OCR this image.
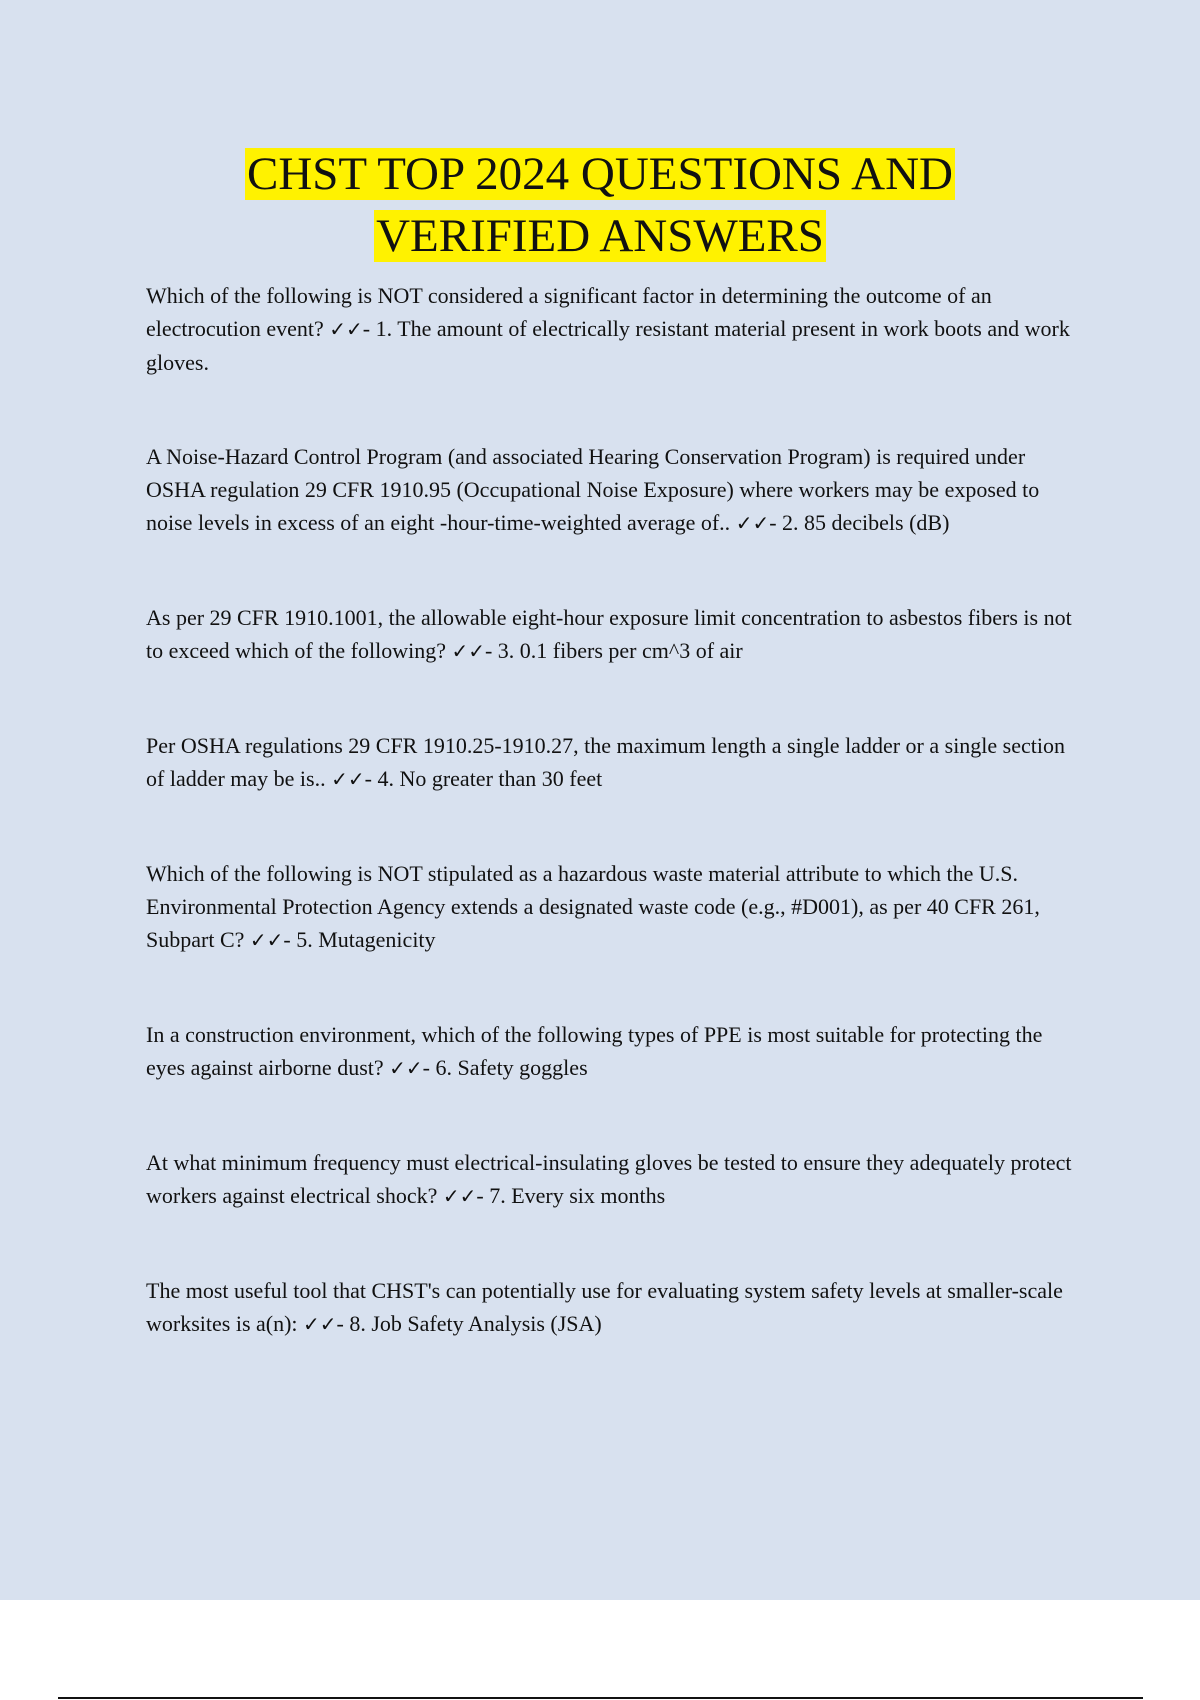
CHST TOP 2024 QUESTIONS AND
VERIFIED ANSWERS

Which of the following is NOT considered a significant factor in determining the outcome of an electrocution event? ✓✓- 1. The amount of electrically resistant material present in work boots and work gloves.

A Noise-Hazard Control Program (and associated Hearing Conservation Program) is required under OSHA regulation 29 CFR 1910.95 (Occupational Noise Exposure) where workers may be exposed to noise levels in excess of an eight -hour-time-weighted average of.. ✓✓- 2. 85 decibels (dB)

As per 29 CFR 1910.1001, the allowable eight-hour exposure limit concentration to asbestos fibers is not to exceed which of the following? ✓✓- 3. 0.1 fibers per cm^3 of air

Per OSHA regulations 29 CFR 1910.25-1910.27, the maximum length a single ladder or a single section of ladder may be is.. ✓✓- 4. No greater than 30 feet

Which of the following is NOT stipulated as a hazardous waste material attribute to which the U.S. Environmental Protection Agency extends a designated waste code (e.g., #D001), as per 40 CFR 261, Subpart C? ✓✓- 5. Mutagenicity

In a construction environment, which of the following types of PPE is most suitable for protecting the eyes against airborne dust? ✓✓- 6. Safety goggles

At what minimum frequency must electrical-insulating gloves be tested to ensure they adequately protect workers against electrical shock? ✓✓- 7. Every six months

The most useful tool that CHST's can potentially use for evaluating system safety levels at smaller-scale worksites is a(n): ✓✓- 8. Job Safety Analysis (JSA)
